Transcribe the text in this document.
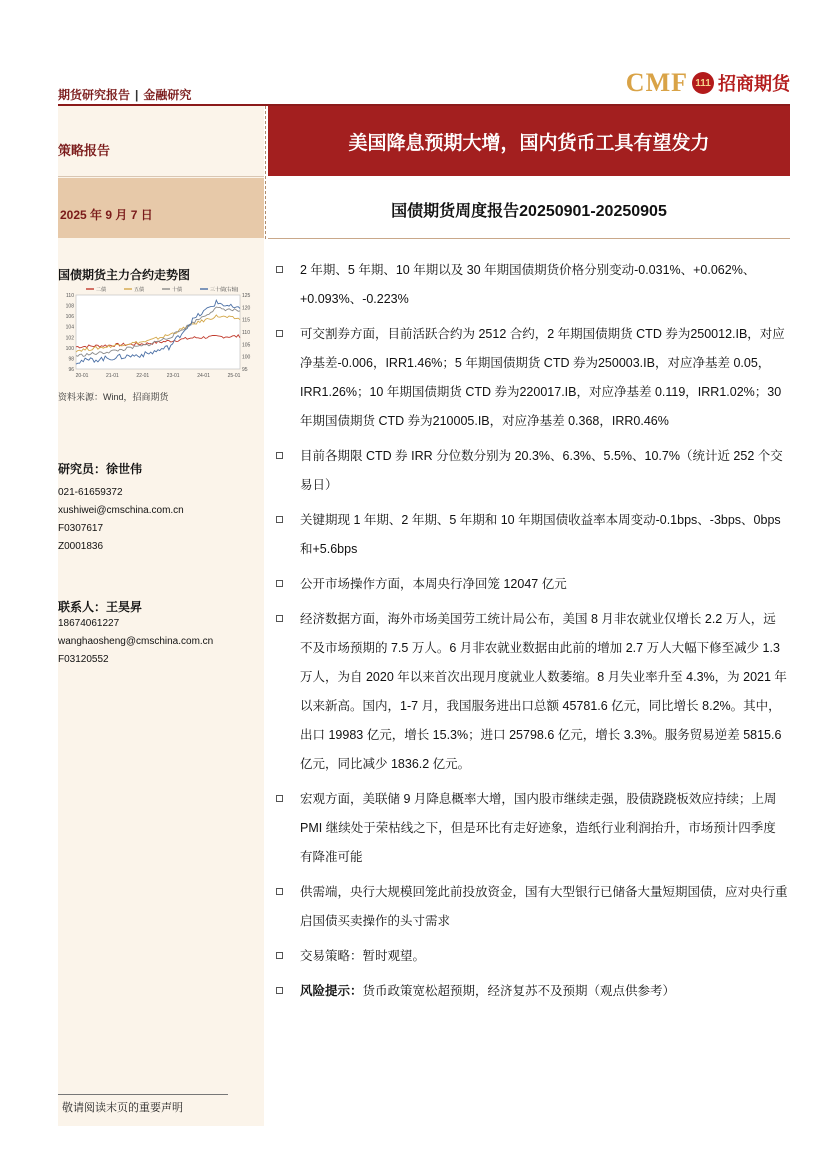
期货研究报告 | 金融研究	CMF 111 招商期货
策略报告
2025 年 9 月 7 日
美国降息预期大增，国内货币工具有望发力
国债期货周度报告20250901-20250905
国债期货主力合约走势图
二债	五债	十债	三十债(右轴)
96
98
100
102
104
106
108
110
95
100
105
110
115
120
125
20-01	21-01	22-01	23-01	24-01	25-01
资料来源：Wind，招商期货
研究员：徐世伟
021-61659372
xushiwei@cmschina.com.cn
F0307617
Z0001836
联系人：王昊昇
18674061227
wanghaosheng@cmschina.com.cn
F03120552
2 年期、5 年期、10 年期以及 30 年期国债期货价格分别变动-0.031%、+0.062%、+0.093%、-0.223%
可交割券方面，目前活跃合约为 2512 合约，2 年期国债期货 CTD 券为250012.IB，对应净基差-0.006，IRR1.46%；5 年期国债期货 CTD 券为250003.IB，对应净基差 0.05，IRR1.26%；10 年期国债期货 CTD 券为220017.IB，对应净基差 0.119，IRR1.02%；30 年期国债期货 CTD 券为210005.IB，对应净基差 0.368，IRR0.46%
目前各期限 CTD 券 IRR 分位数分别为 20.3%、6.3%、5.5%、10.7%（统计近 252 个交易日）
关键期现 1 年期、2 年期、5 年期和 10 年期国债收益率本周变动-0.1bps、-3bps、0bps 和+5.6bps
公开市场操作方面，本周央行净回笼 12047 亿元
经济数据方面，海外市场美国劳工统计局公布，美国 8 月非农就业仅增长 2.2 万人，远不及市场预期的 7.5 万人。6 月非农就业数据由此前的增加 2.7 万人大幅下修至减少 1.3 万人，为自 2020 年以来首次出现月度就业人数萎缩。8 月失业率升至 4.3%，为 2021 年以来新高。国内，1-7 月，我国服务进出口总额 45781.6 亿元，同比增长 8.2%。其中，出口 19983 亿元，增长 15.3%；进口 25798.6 亿元，增长 3.3%。服务贸易逆差 5815.6 亿元，同比减少 1836.2 亿元。
宏观方面，美联储 9 月降息概率大增，国内股市继续走强，股债跷跷板效应持续；上周 PMI 继续处于荣枯线之下，但是环比有走好迹象，造纸行业利润抬升，市场预计四季度有降准可能
供需端，央行大规模回笼此前投放资金，国有大型银行已储备大量短期国债，应对央行重启国债买卖操作的头寸需求
交易策略：暂时观望。
风险提示：货币政策宽松超预期，经济复苏不及预期（观点供参考）
敬请阅读末页的重要声明
